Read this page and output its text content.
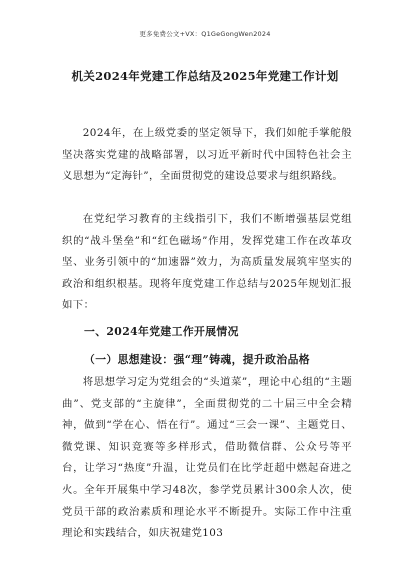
更多免费公文+VX：Q1GeGongWen2024
机关2024年党建工作总结及2025年党建工作计划
2024年，在上级党委的坚定领导下，我们如舵手掌舵般坚决落实党建的战略部署，以习近平新时代中国特色社会主义思想为“定海针”，全面贯彻党的建设总要求与组织路线。
在党纪学习教育的主线指引下，我们不断增强基层党组织的“战斗堡垒”和“红色磁场”作用，发挥党建工作在改革攻坚、业务引领中的“加速器”效力，为高质量发展筑牢坚实的政治和组织根基。现将年度党建工作总结与2025年规划汇报如下：
一、2024年党建工作开展情况
（一）思想建设：强“理”铸魂，提升政治品格
将思想学习定为党组会的“头道菜”，理论中心组的“主题曲”、党支部的“主旋律”，全面贯彻党的二十届三中全会精神，做到“学在心、悟在行”。通过“三会一课”、主题党日、微党课、知识竞赛等多样形式，借助微信群、公众号等平台，让学习“热度”升温，让党员们在比学赶超中燃起奋进之火。全年开展集中学习48次，参学党员累计300余人次，使党员干部的政治素质和理论水平不断提升。实际工作中注重理论和实践结合，如庆祝建党103
